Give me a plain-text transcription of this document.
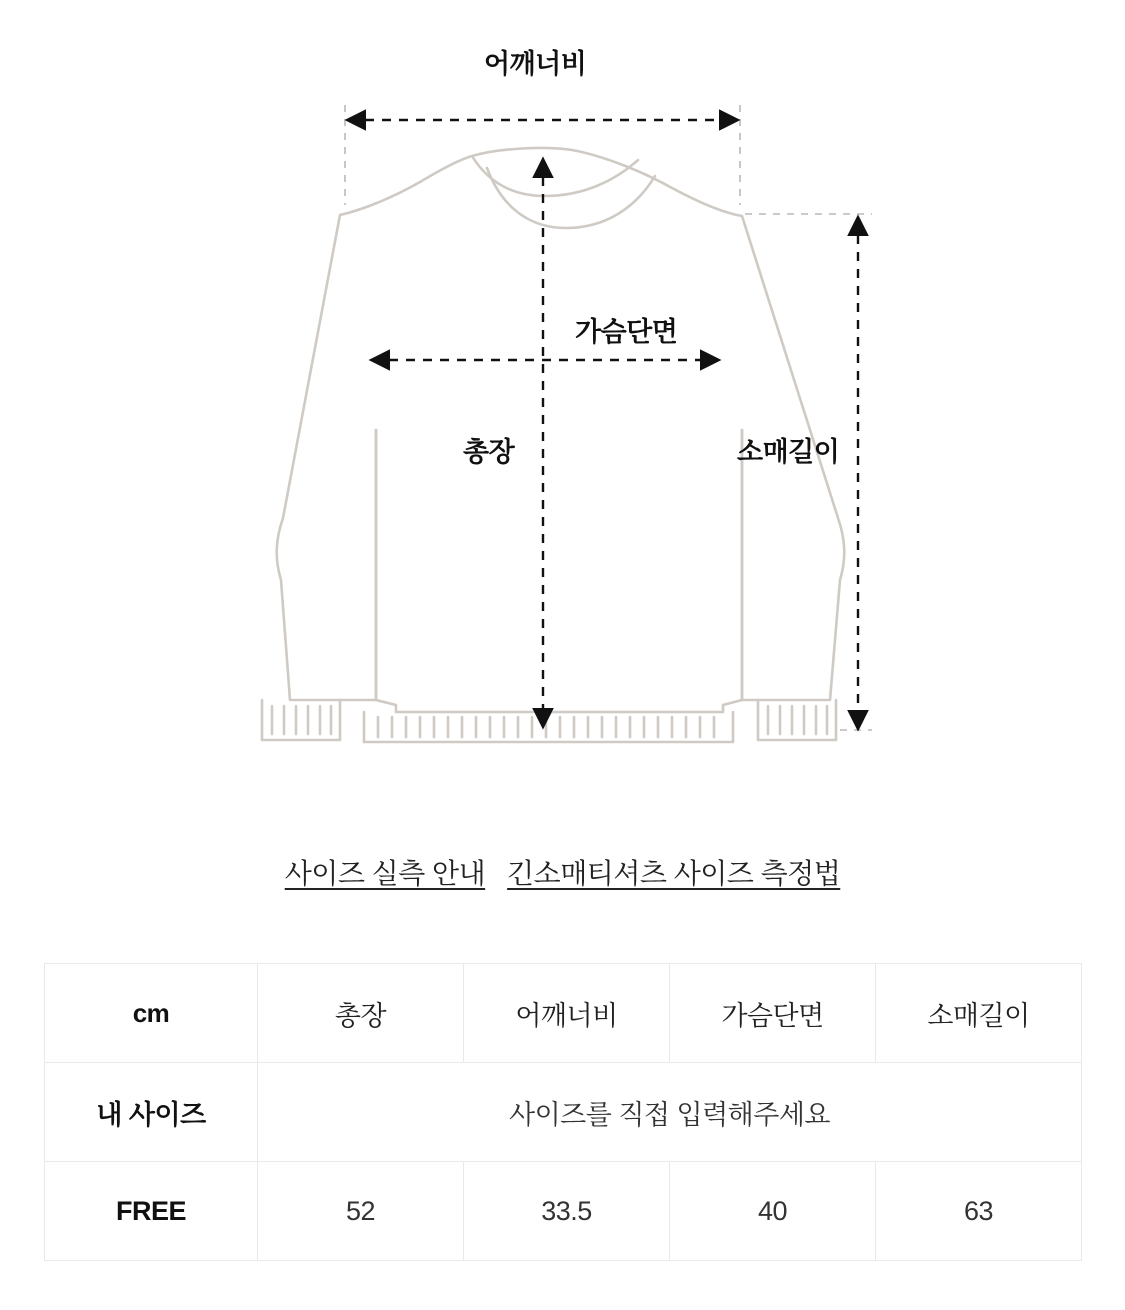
어깨너비
가슴단면
총장	소매길이
사이즈 실측 안내 긴소매티셔츠 사이즈 측정법
cm	총장	어깨너비	가슴단면	소매길이
내 사이즈	사이즈를 직접 입력해주세요			
FREE	52	33.5	40	63
